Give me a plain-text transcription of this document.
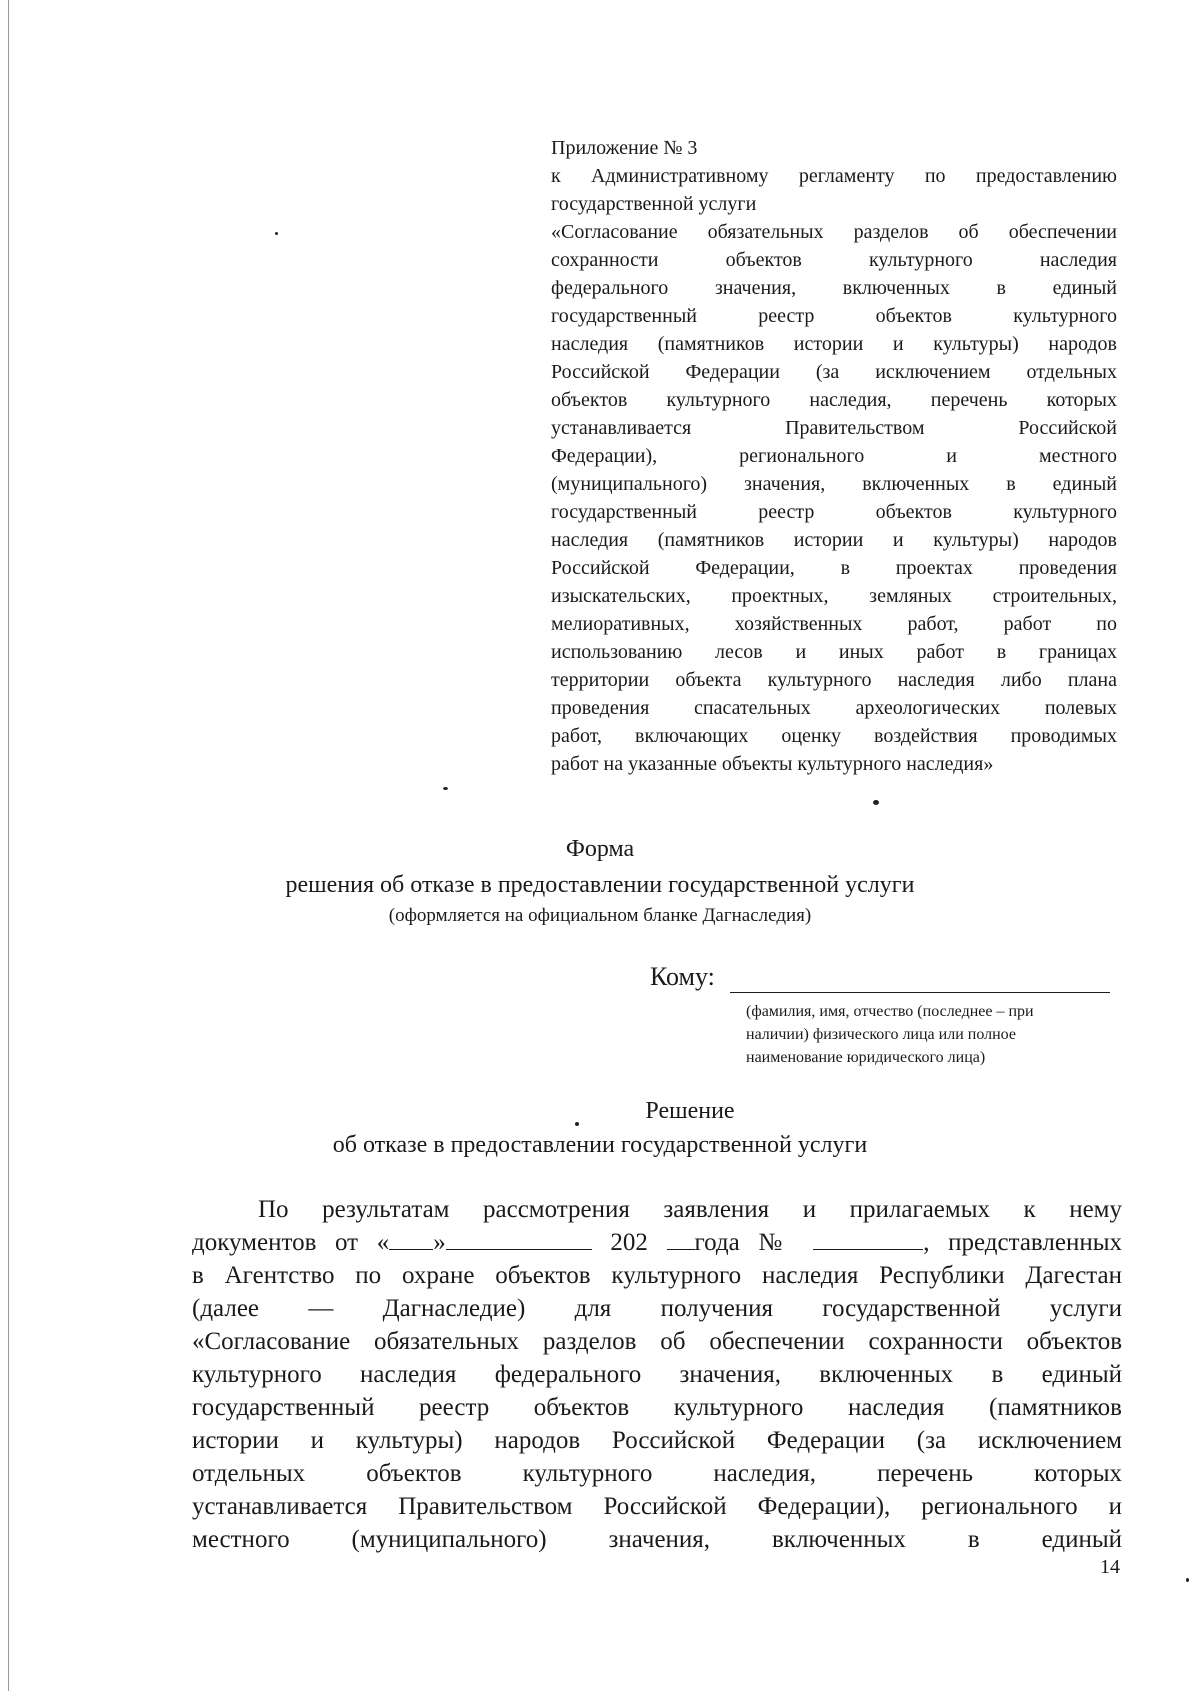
Приложение № 3

к Административному регламенту по предоставлению

государственной услуги

«Согласование обязательных разделов об обеспечении

сохранности объектов культурного наследия

федерального значения, включенных в единый

государственный реестр объектов культурного

наследия (памятников истории и культуры) народов

Российской Федерации (за исключением отдельных

объектов культурного наследия, перечень которых

устанавливается Правительством Российской

Федерации), регионального и местного

(муниципального) значения, включенных в единый

государственный реестр объектов культурного

наследия (памятников истории и культуры) народов

Российской Федерации, в проектах проведения

изыскательских, проектных, земляных строительных,

мелиоративных, хозяйственных работ, работ по

использованию лесов и иных работ в границах

территории объекта культурного наследия либо плана

проведения спасательных археологических полевых

работ, включающих оценку воздействия проводимых

работ на указанные объекты культурного наследия»

Форма

решения об отказе в предоставлении государственной услуги

(оформляется на официальном бланке Дагнаследия)

Кому:

(фамилия, имя, отчество (последнее – при
наличии) физического лица или полное
наименование юридического лица)

Решение

об отказе в предоставлении государственной услуги

По результатам рассмотрения заявления и прилагаемых к нему
документов от « »	202 года №	, представленных
в Агентство по охране объектов культурного наследия Республики Дагестан
(далее — Дагнаследие) для получения государственной услуги
«Согласование обязательных разделов об обеспечении сохранности объектов
культурного наследия федерального значения, включенных в единый
государственный реестр объектов культурного наследия (памятников
истории и культуры) народов Российской Федерации (за исключением
отдельных объектов культурного наследия, перечень которых
устанавливается Правительством Российской Федерации), регионального и
местного (муниципального) значения, включенных в единый

14
